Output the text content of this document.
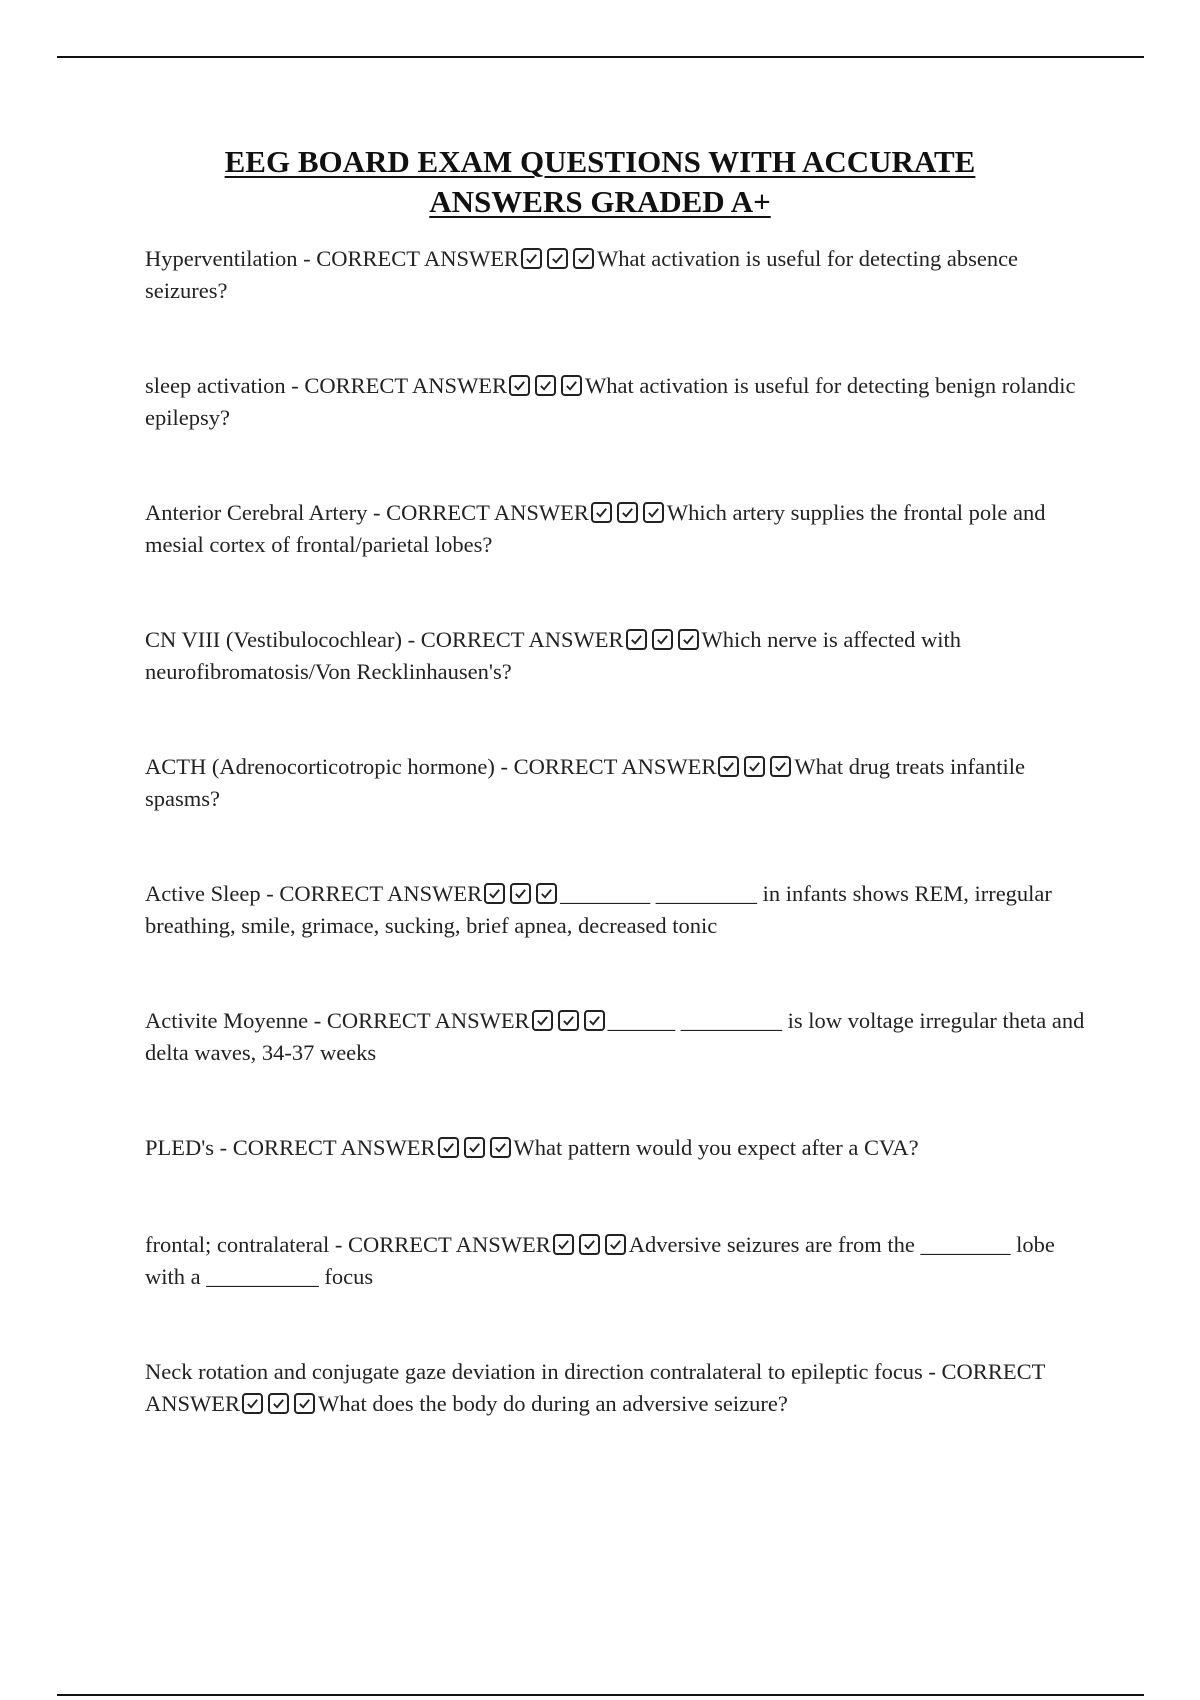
EEG BOARD EXAM QUESTIONS WITH ACCURATE
ANSWERS GRADED A+

Hyperventilation - CORRECT ANSWER	What activation is useful for detecting absence seizures?

sleep activation - CORRECT ANSWER	What activation is useful for detecting benign rolandic epilepsy?

Anterior Cerebral Artery - CORRECT ANSWER	Which artery supplies the frontal pole and mesial cortex of frontal/parietal lobes?

CN VIII (Vestibulocochlear) - CORRECT ANSWER	Which nerve is affected with neurofibromatosis/Von Recklinhausen's?

ACTH (Adrenocorticotropic hormone) - CORRECT ANSWER	What drug treats infantile spasms?

Active Sleep - CORRECT ANSWER	________ _________ in infants shows REM, irregular breathing, smile, grimace, sucking, brief apnea, decreased tonic

Activite Moyenne - CORRECT ANSWER	______ _________ is low voltage irregular theta and delta waves, 34-37 weeks

PLED's - CORRECT ANSWER	What pattern would you expect after a CVA?

frontal; contralateral - CORRECT ANSWER	Adversive seizures are from the ________ lobe with a __________ focus

Neck rotation and conjugate gaze deviation in direction contralateral to epileptic focus - CORRECT ANSWER	What does the body do during an adversive seizure?
